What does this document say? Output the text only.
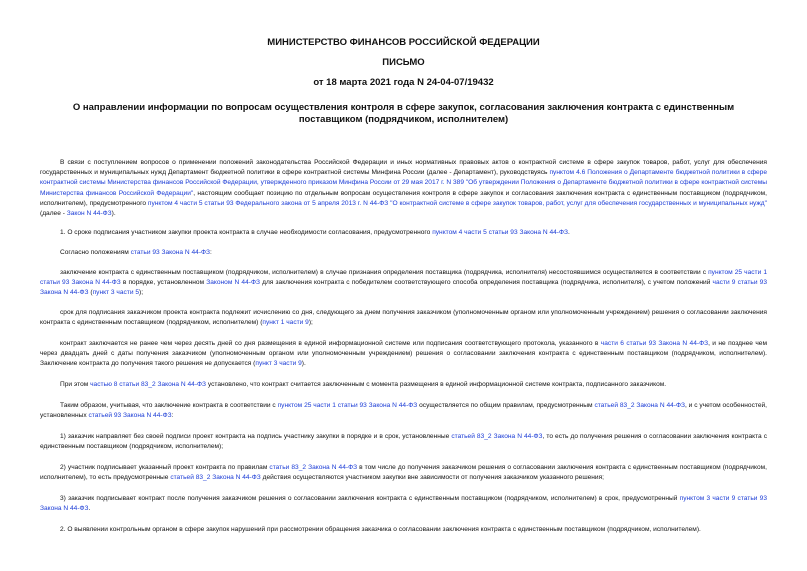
МИНИСТЕРСТВО ФИНАНСОВ РОССИЙСКОЙ ФЕДЕРАЦИИ
ПИСЬМО
от 18 марта 2021 года N 24-04-07/19432
О направлении информации по вопросам осуществления контроля в сфере закупок, согласования заключения контракта с единственным поставщиком (подрядчиком, исполнителем)

В связи с поступлением вопросов о применении положений законодательства Российской Федерации и иных нормативных правовых актов о контрактной системе в сфере закупок товаров, работ, услуг для обеспечения государственных и муниципальных нужд Департамент бюджетной политики в сфере контрактной системы Минфина России (далее - Департамент), руководствуясь пунктом 4.6 Положения о Департаменте бюджетной политики в сфере контрактной системы Министерства финансов Российской Федерации, утвержденного приказом Минфина России от 29 мая 2017 г. N 389 "Об утверждении Положения о Департаменте бюджетной политики в сфере контрактной системы Министерства финансов Российской Федерации", настоящим сообщает позицию по отдельным вопросам осуществления контроля в сфере закупок и согласования заключения контракта с единственным поставщиком (подрядчиком, исполнителем), предусмотренного пунктом 4 части 5 статьи 93 Федерального закона от 5 апреля 2013 г. N 44-ФЗ "О контрактной системе в сфере закупок товаров, работ, услуг для обеспечения государственных и муниципальных нужд" (далее - Закон N 44-ФЗ).

1. О сроке подписания участником закупки проекта контракта в случае необходимости согласования, предусмотренного пунктом 4 части 5 статьи 93 Закона N 44-ФЗ.

Согласно положениям статьи 93 Закона N 44-ФЗ:

заключение контракта с единственным поставщиком (подрядчиком, исполнителем) в случае признания определения поставщика (подрядчика, исполнителя) несостоявшимся осуществляется в соответствии с пунктом 25 части 1 статьи 93 Закона N 44-ФЗ в порядке, установленном Законом N 44-ФЗ для заключения контракта с победителем соответствующего способа определения поставщика (подрядчика, исполнителя), с учетом положений части 9 статьи 93 Закона N 44-ФЗ (пункт 3 части 5);

срок для подписания заказчиком проекта контракта подлежит исчислению со дня, следующего за днем получения заказчиком (уполномоченным органом или уполномоченным учреждением) решения о согласовании заключения контракта с единственным поставщиком (подрядчиком, исполнителем) (пункт 1 части 9);

контракт заключается не ранее чем через десять дней со дня размещения в единой информационной системе или подписания соответствующего протокола, указанного в части 6 статьи 93 Закона N 44-ФЗ, и не позднее чем через двадцать дней с даты получения заказчиком (уполномоченным органом или уполномоченным учреждением) решения о согласовании заключения контракта с единственным поставщиком (подрядчиком, исполнителем). Заключение контракта до получения такого решения не допускается (пункт 3 части 9).

При этом частью 8 статьи 83_2 Закона N 44-ФЗ установлено, что контракт считается заключенным с момента размещения в единой информационной системе контракта, подписанного заказчиком.

Таким образом, учитывая, что заключение контракта в соответствии с пунктом 25 части 1 статьи 93 Закона N 44-ФЗ осуществляется по общим правилам, предусмотренным статьей 83_2 Закона N 44-ФЗ, и с учетом особенностей, установленных статьей 93 Закона N 44-ФЗ:

1) заказчик направляет без своей подписи проект контракта на подпись участнику закупки в порядке и в срок, установленные статьей 83_2 Закона N 44-ФЗ, то есть до получения решения о согласовании заключения контракта с единственным поставщиком (подрядчиком, исполнителем);

2) участник подписывает указанный проект контракта по правилам статьи 83_2 Закона N 44-ФЗ в том числе до получения заказчиком решения о согласовании заключения контракта с единственным поставщиком (подрядчиком, исполнителем), то есть предусмотренные статьей 83_2 Закона N 44-ФЗ действия осуществляются участником закупки вне зависимости от получения заказчиком указанного решения;

3) заказчик подписывает контракт после получения заказчиком решения о согласовании заключения контракта с единственным поставщиком (подрядчиком, исполнителем) в срок, предусмотренный пунктом 3 части 9 статьи 93 Закона N 44-ФЗ.

2. О выявлении контрольным органом в сфере закупок нарушений при рассмотрении обращения заказчика о согласовании заключения контракта с единственным поставщиком (подрядчиком, исполнителем).
